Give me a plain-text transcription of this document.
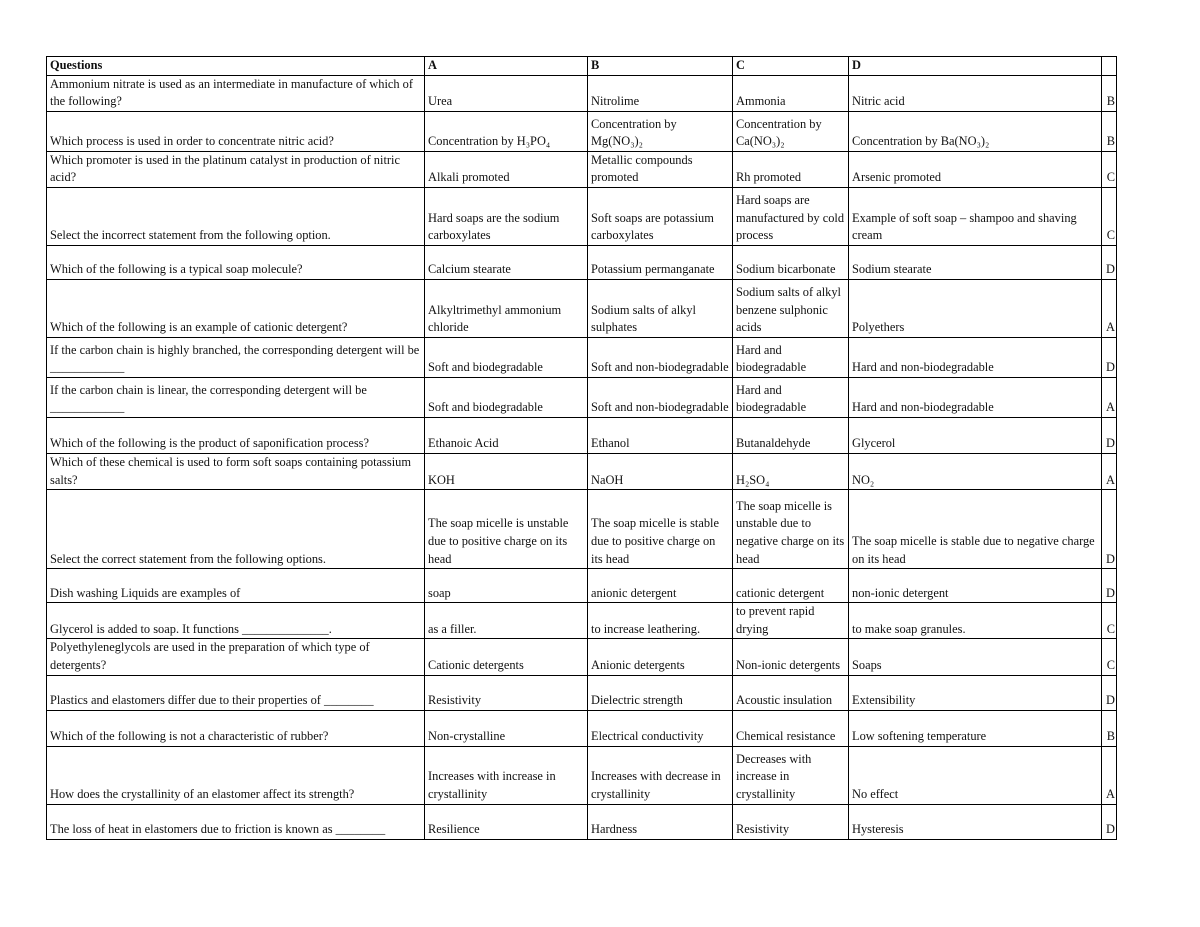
Questions	A	B	C	D	
Ammonium nitrate is used as an intermediate in manufacture of which of the following?	Urea	Nitrolime	Ammonia	Nitric acid	B
Which process is used in order to concentrate nitric acid?	Concentration by H₃PO₄	Concentration by Mg(NO₃)₂	Concentration by Ca(NO₃)₂	Concentration by Ba(NO₃)₂	B
Which promoter is used in the platinum catalyst in production of nitric acid?	Alkali promoted	Metallic compounds promoted	Rh promoted	Arsenic promoted	C
Select the incorrect statement from the following option.	Hard soaps are the sodium carboxylates	Soft soaps are potassium carboxylates	Hard soaps are manufactured by cold process	Example of soft soap – shampoo and shaving cream	C
Which of the following is a typical soap molecule?	Calcium stearate	Potassium permanganate	Sodium bicarbonate	Sodium stearate	D
Which of the following is an example of cationic detergent?	Alkyltrimethyl ammonium chloride	Sodium salts of alkyl sulphates	Sodium salts of alkyl benzene sulphonic acids	Polyethers	A
If the carbon chain is highly branched, the corresponding detergent will be ____________	Soft and biodegradable	Soft and non-biodegradable	Hard and biodegradable	Hard and non-biodegradable	D
If the carbon chain is linear, the corresponding detergent will be ____________	Soft and biodegradable	Soft and non-biodegradable	Hard and biodegradable	Hard and non-biodegradable	A
Which of the following is the product of saponification process?	Ethanoic Acid	Ethanol	Butanaldehyde	Glycerol	D
Which of these chemical is used to form soft soaps containing potassium salts?	KOH	NaOH	H₂SO₄	NO₂	A
Select the correct statement from the following options.	The soap micelle is unstable due to positive charge on its head	The soap micelle is stable due to positive charge on its head	The soap micelle is unstable due to negative charge on its head	The soap micelle is stable due to negative charge on its head	D
Dish washing Liquids are examples of	soap	anionic detergent	cationic detergent	non-ionic detergent	D
Glycerol is added to soap. It functions ______________.	as a filler.	to increase leathering.	to prevent rapid drying	to make soap granules.	C
Polyethyleneglycols are used in the preparation of which type of detergents?	Cationic detergents	Anionic detergents	Non-ionic detergents	Soaps	C
Plastics and elastomers differ due to their properties of ________	Resistivity	Dielectric strength	Acoustic insulation	Extensibility	D
Which of the following is not a characteristic of rubber?	Non-crystalline	Electrical conductivity	Chemical resistance	Low softening temperature	B
How does the crystallinity of an elastomer affect its strength?	Increases with increase in crystallinity	Increases with decrease in crystallinity	Decreases with increase in crystallinity	No effect	A
The loss of heat in elastomers due to friction is known as ________	Resilience	Hardness	Resistivity	Hysteresis	D
